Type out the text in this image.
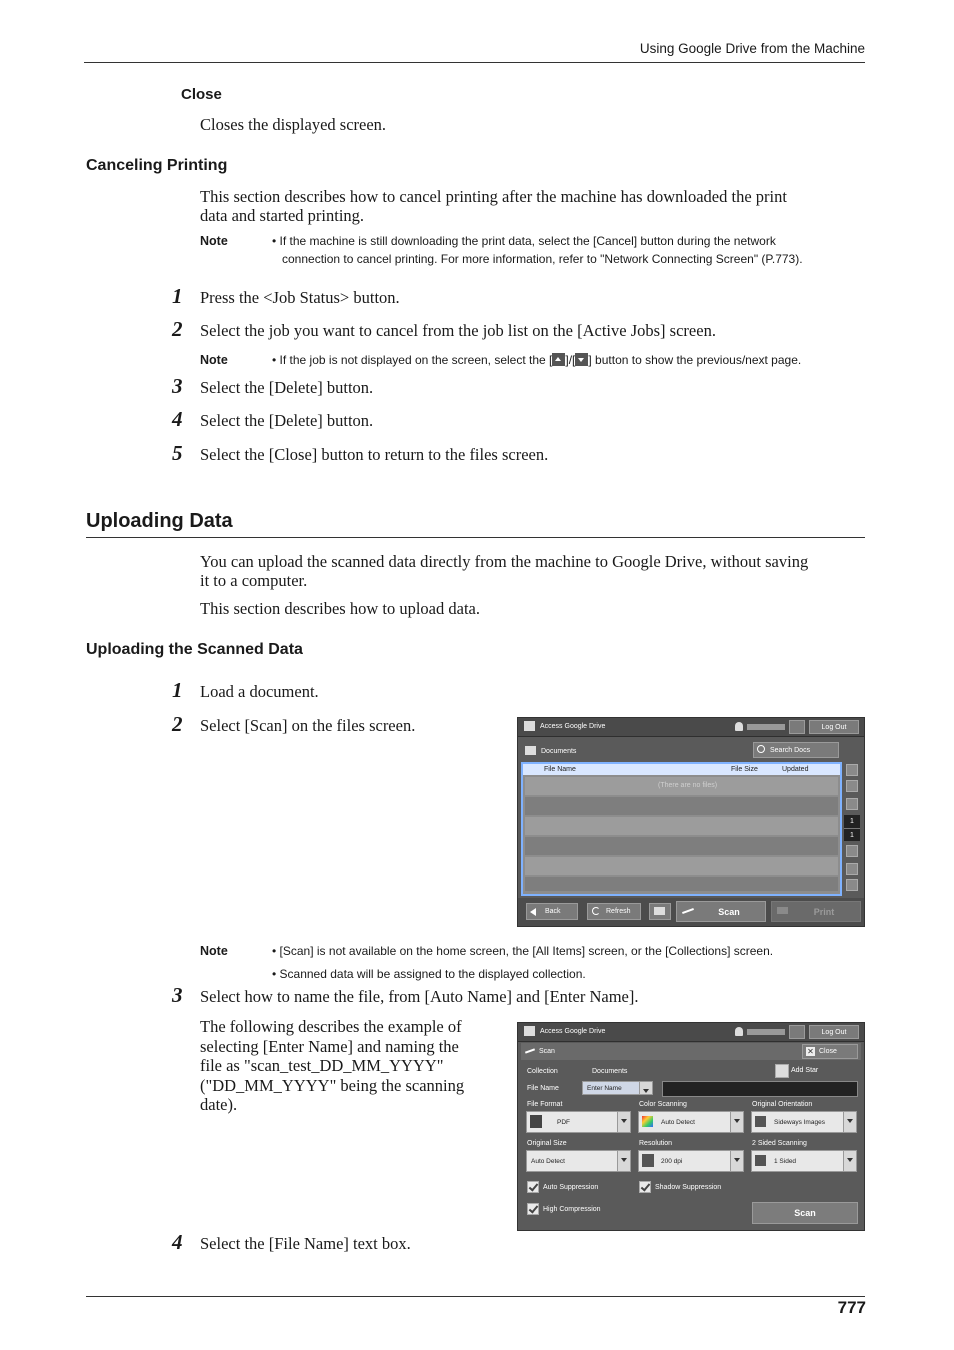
Using Google Drive from the Machine
Close
Closes the displayed screen.
Canceling Printing
This section describes how to cancel printing after the machine has downloaded the print
data and started printing.
Note	• If the machine is still downloading the print data, select the [Cancel] button during the network
connection to cancel printing. For more information, refer to "Network Connecting Screen" (P.773).
1 Press the <Job Status> button.
2 Select the job you want to cancel from the job list on the [Active Jobs] screen.
Note	• If the job is not displayed on the screen, select the [ ]/[ ] button to show the previous/next page.
3 Select the [Delete] button.
4 Select the [Delete] button.
5 Select the [Close] button to return to the files screen.
Uploading Data
You can upload the scanned data directly from the machine to Google Drive, without saving
it to a computer.
This section describes how to upload data.
Uploading the Scanned Data
1 Load a document.
2 Select [Scan] on the files screen.	Access Google Drive	Log Out
Documents	Search Docs
File Name	File Size	Updated
(There are no files)
1
1
Back	Refresh	Scan	Print
Note	• [Scan] is not available on the home screen, the [All Items] screen, or the [Collections] screen.
• Scanned data will be assigned to the displayed collection.
3 Select how to name the file, from [Auto Name] and [Enter Name].
The following describes the example of
selecting [Enter Name] and naming the
file as "scan_test_DD_MM_YYYY"
("DD_MM_YYYY" being the scanning
date).
Access Google Drive	Log Out
Scan	Close
✕
Collection	Documents	Add Star
File Name	Enter Name
File Format
PDF
Color Scanning
Auto Detect
Original Orientation
Sideways Images
Original Size
Auto Detect
Resolution
200 dpi
2 Sided Scanning
1 Sided
Auto Suppression	Shadow Suppression
High Compression	Scan
4 Select the [File Name] text box.
777
